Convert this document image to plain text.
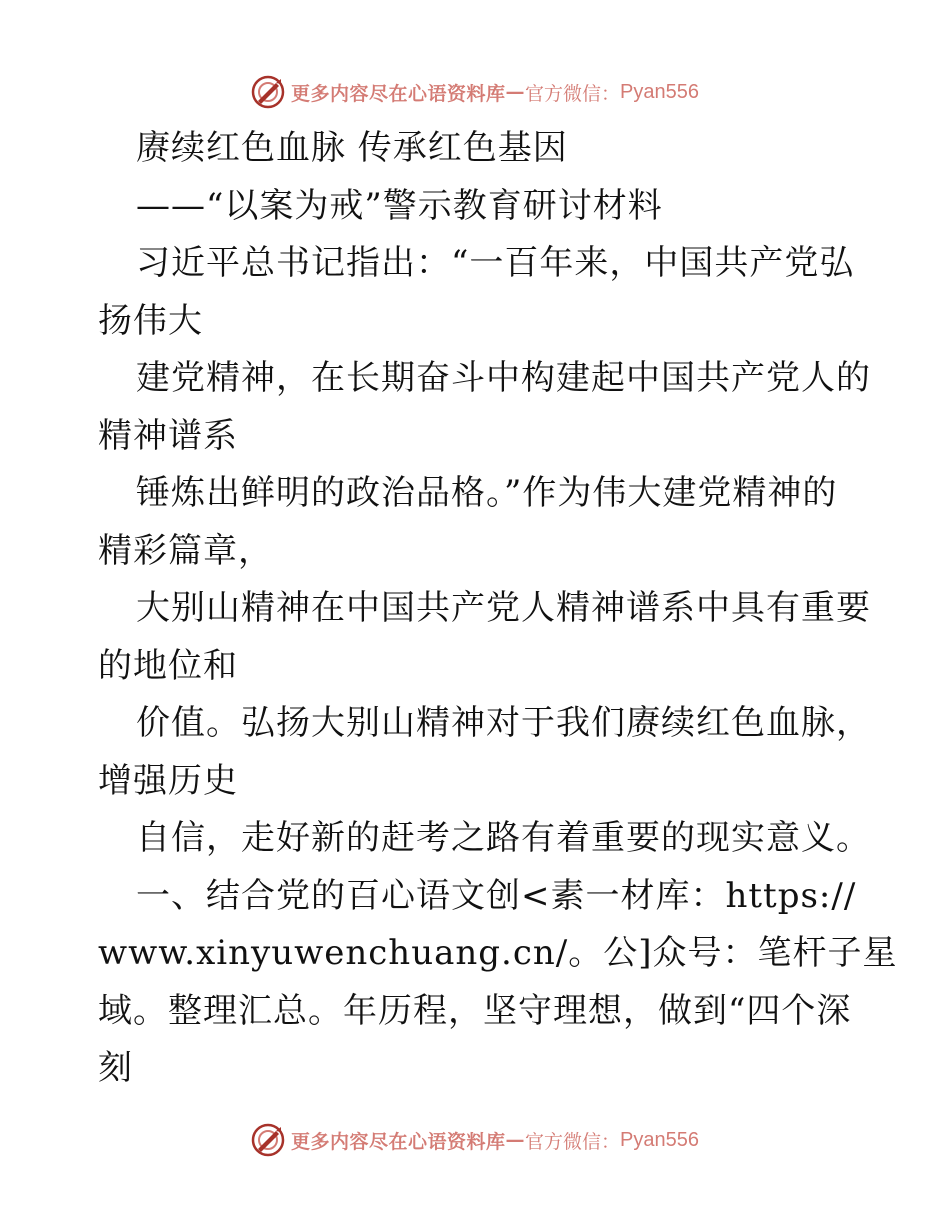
更多内容尽在心语资料库 — 官方微信： Pyan556
赓续红色血脉 传承红色基因
——“以案为戒”警示教育研讨材料
习近平总书记指出：“一百年来，中国共产党弘
扬伟大
建党精神，在长期奋斗中构建起中国共产党人的
精神谱系
锤炼出鲜明的政治品格。”作为伟大建党精神的
精彩篇章，
大别山精神在中国共产党人精神谱系中具有重要
的地位和
价值。弘扬大别山精神对于我们赓续红色血脉，
增强历史
自信，走好新的赶考之路有着重要的现实意义。
一、结合党的百心语文创<素一材库：https://
www.xinyuwenchuang.cn/。公]众号：笔杆子星
域。整理汇总。年历程，坚守理想，做到“四个深
刻
更多内容尽在心语资料库 — 官方微信： Pyan556
